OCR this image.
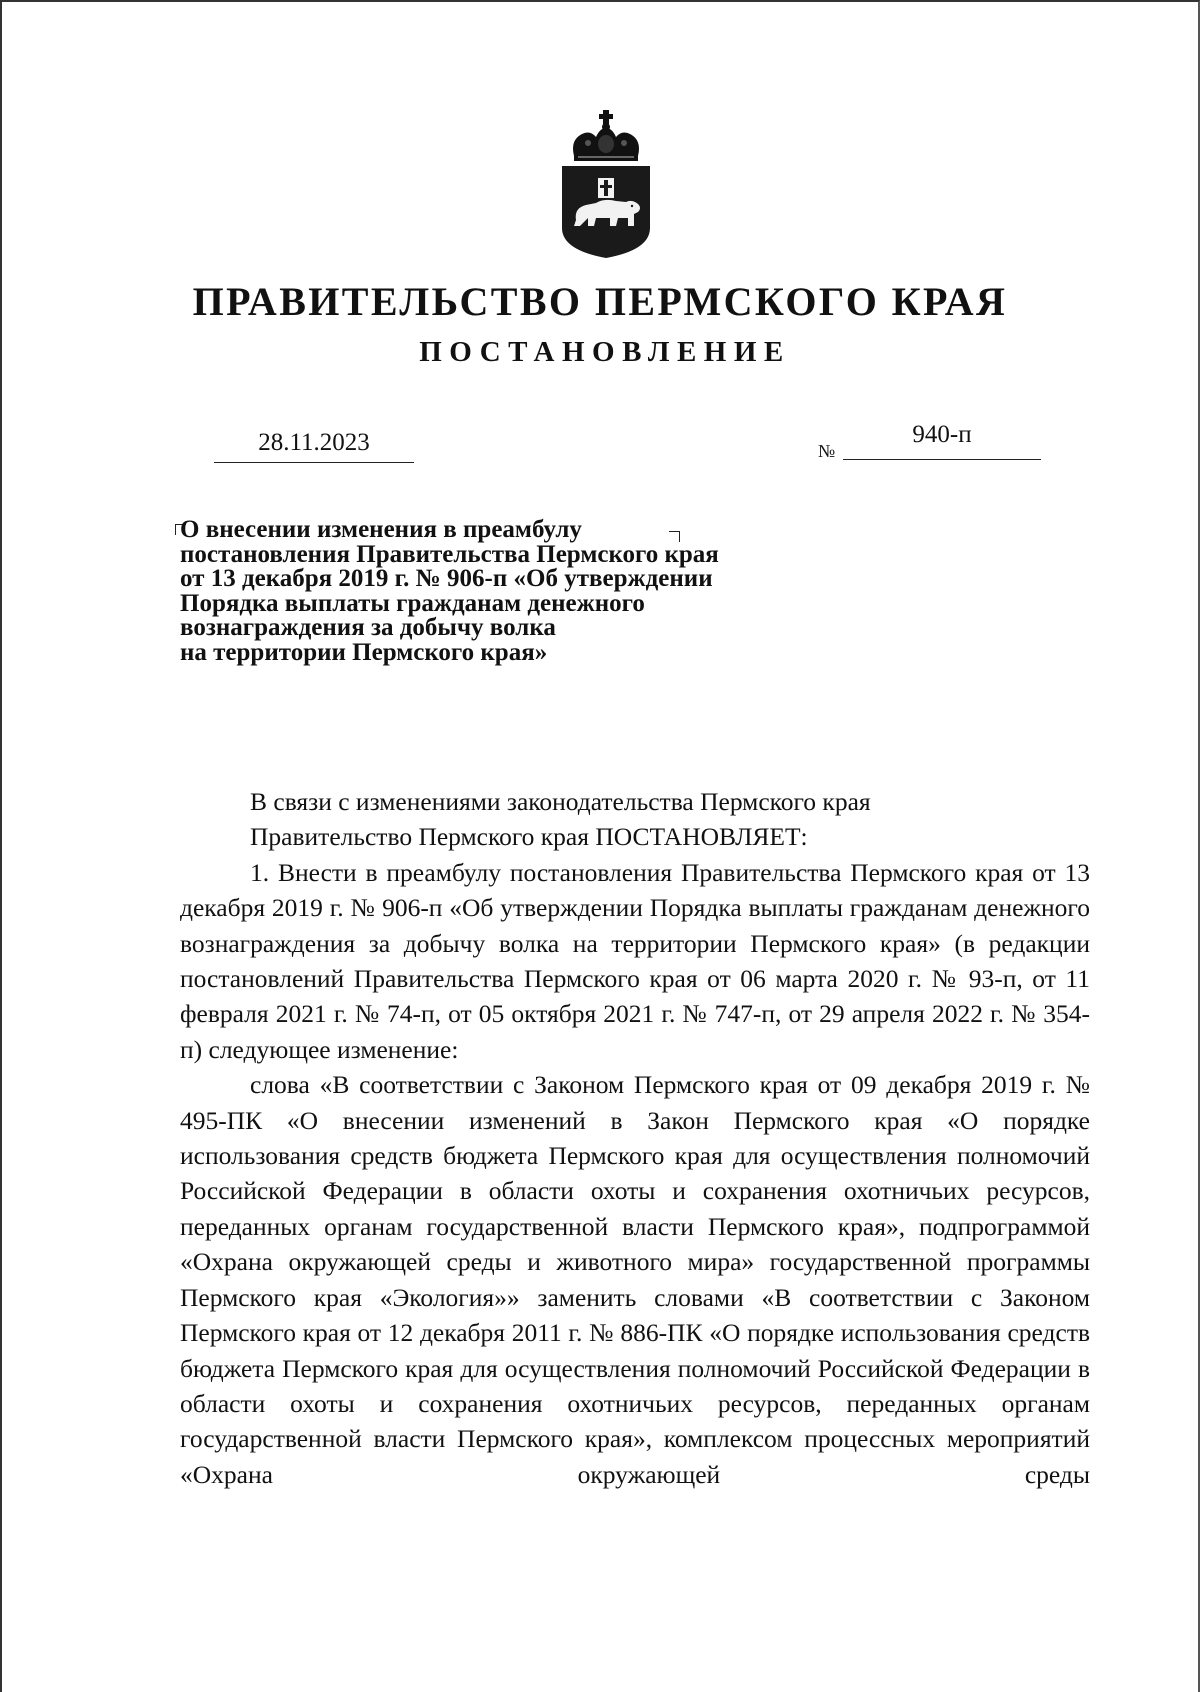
ПРАВИТЕЛЬСТВО ПЕРМСКОГО КРАЯ
ПОСТАНОВЛЕНИЕ
28.11.2023	№
940-п
О внесении изменения в преамбулу
постановления Правительства Пермского края
от 13 декабря 2019 г. № 906-п «Об утверждении
Порядка выплаты гражданам денежного
вознаграждения за добычу волка
на территории Пермского края»

В связи с изменениями законодательства Пермского края

Правительство Пермского края ПОСТАНОВЛЯЕТ:

1. Внести в преамбулу постановления Правительства Пермского края от 13 декабря 2019 г. № 906-п «Об утверждении Порядка выплаты гражданам денежного вознаграждения за добычу волка на территории Пермского края» (в редакции постановлений Правительства Пермского края от 06 марта 2020 г. № 93-п, от 11 февраля 2021 г. № 74-п, от 05 октября 2021 г. № 747-п, от 29 апреля 2022 г. № 354-п) следующее изменение:

слова «В соответствии с Законом Пермского края от 09 декабря 2019 г. № 495-ПК «О внесении изменений в Закон Пермского края «О порядке использования средств бюджета Пермского края для осуществления полномочий Российской Федерации в области охоты и сохранения охотничьих ресурсов, переданных органам государственной власти Пермского края», подпрограммой «Охрана окружающей среды и животного мира» государственной программы Пермского края «Экология»» заменить словами «В соответствии с Законом Пермского края от 12 декабря 2011 г. № 886-ПК «О порядке использования средств бюджета Пермского края для осуществления полномочий Российской Федерации в области охоты и сохранения охотничьих ресурсов, переданных органам государственной власти Пермского края», комплексом процессных мероприятий «Охрана окружающей среды
